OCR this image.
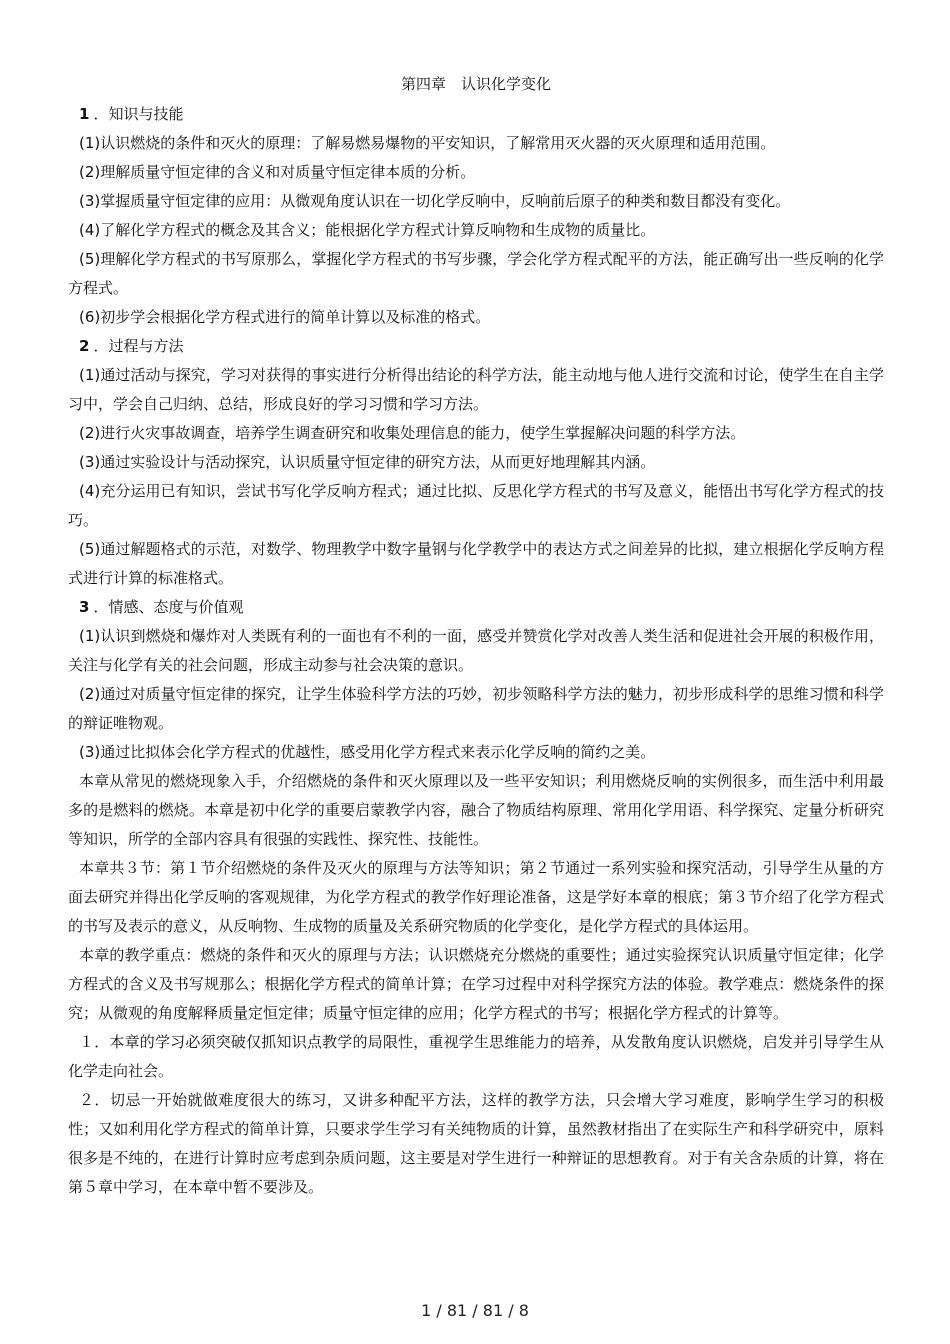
第四章　认识化学变化

1 ．知识与技能

(1)认识燃烧的条件和灭火的原理：了解易燃易爆物的平安知识，了解常用灭火器的灭火原理和适用范围。

(2)理解质量守恒定律的含义和对质量守恒定律本质的分析。

(3)掌握质量守恒定律的应用：从微观角度认识在一切化学反响中，反响前后原子的种类和数目都没有变化。

(4)了解化学方程式的概念及其含义；能根据化学方程式计算反响物和生成物的质量比。

(5)理解化学方程式的书写原那么，掌握化学方程式的书写步骤，学会化学方程式配平的方法，能正确写出一些反响的化学方程式。

(6)初步学会根据化学方程式进行的简单计算以及标准的格式。

2 ．过程与方法

(1)通过活动与探究，学习对获得的事实进行分析得出结论的科学方法，能主动地与他人进行交流和讨论，使学生在自主学习中，学会自己归纳、总结，形成良好的学习习惯和学习方法。

(2)进行火灾事故调查，培养学生调查研究和收集处理信息的能力，使学生掌握解决问题的科学方法。

(3)通过实验设计与活动探究，认识质量守恒定律的研究方法，从而更好地理解其内涵。

(4)充分运用已有知识，尝试书写化学反响方程式；通过比拟、反思化学方程式的书写及意义，能悟出书写化学方程式的技巧。

(5)通过解题格式的示范，对数学、物理教学中数字量钢与化学教学中的表达方式之间差异的比拟，建立根据化学反响方程式进行计算的标准格式。

3 ．情感、态度与价值观

(1)认识到燃烧和爆炸对人类既有利的一面也有不利的一面，感受并赞赏化学对改善人类生活和促进社会开展的积极作用，关注与化学有关的社会问题，形成主动参与社会决策的意识。

(2)通过对质量守恒定律的探究，让学生体验科学方法的巧妙，初步领略科学方法的魅力，初步形成科学的思维习惯和科学的辩证唯物观。

(3)通过比拟体会化学方程式的优越性，感受用化学方程式来表示化学反响的简约之美。

本章从常见的燃烧现象入手，介绍燃烧的条件和灭火原理以及一些平安知识；利用燃烧反响的实例很多，而生活中利用最多的是燃料的燃烧。本章是初中化学的重要启蒙教学内容，融合了物质结构原理、常用化学用语、科学探究、定量分析研究等知识，所学的全部内容具有很强的实践性、探究性、技能性。

本章共３节：第１节介绍燃烧的条件及灭火的原理与方法等知识；第２节通过一系列实验和探究活动，引导学生从量的方面去研究并得出化学反响的客观规律，为化学方程式的教学作好理论准备，这是学好本章的根底；第３节介绍了化学方程式的书写及表示的意义，从反响物、生成物的质量及关系研究物质的化学变化，是化学方程式的具体运用。

本章的教学重点：燃烧的条件和灭火的原理与方法；认识燃烧充分燃烧的重要性；通过实验探究认识质量守恒定律；化学方程式的含义及书写规那么；根据化学方程式的简单计算；在学习过程中对科学探究方法的体验。教学难点：燃烧条件的探究；从微观的角度解释质量定恒定律；质量守恒定律的应用；化学方程式的书写；根据化学方程式的计算等。

１．本章的学习必须突破仅抓知识点教学的局限性，重视学生思维能力的培养，从发散角度认识燃烧，启发并引导学生从化学走向社会。

２．切忌一开始就做难度很大的练习，又讲多种配平方法，这样的教学方法，只会增大学习难度，影响学生学习的积极性；又如利用化学方程式的简单计算，只要求学生学习有关纯物质的计算，虽然教材指出了在实际生产和科学研究中，原料很多是不纯的，在进行计算时应考虑到杂质问题，这主要是对学生进行一种辩证的思想教育。对于有关含杂质的计算，将在第５章中学习，在本章中暂不要涉及。

1 / 81 / 81 / 8
